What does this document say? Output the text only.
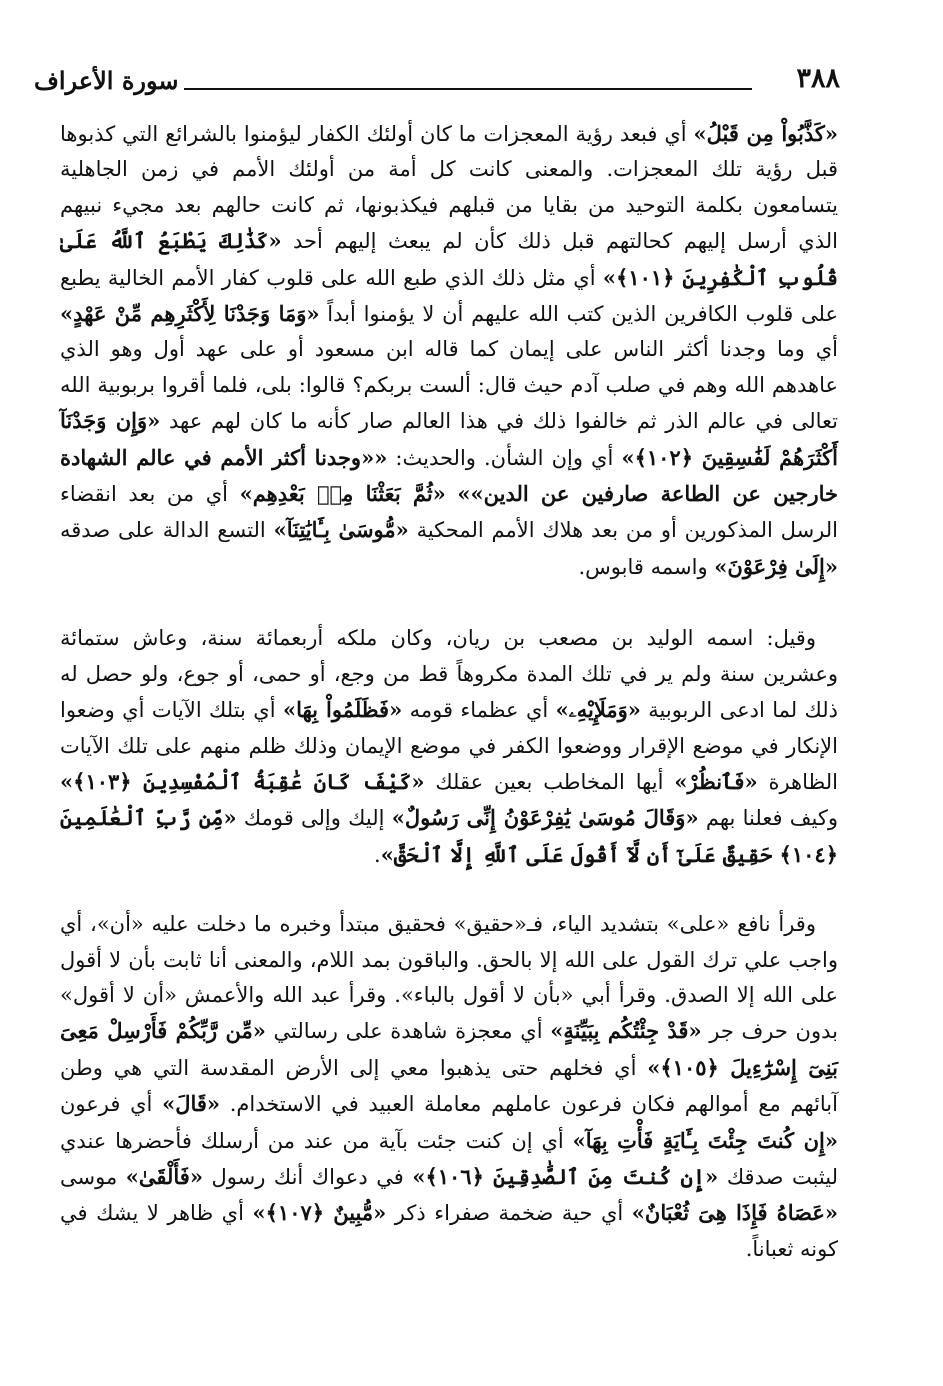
٣٨٨
سورة الأعراف

«كَذَّبُواْ مِن قَبْلُ» أي فبعد رؤية المعجزات ما كان أولئك الكفار ليؤمنوا بالشرائع التي كذبوها قبل رؤية تلك المعجزات. والمعنى كانت كل أمة من أولئك الأمم في زمن الجاهلية يتسامعون بكلمة التوحيد من بقايا من قبلهم فيكذبونها، ثم كانت حالهم بعد مجيء نبيهم الذي أرسل إليهم كحالتهم قبل ذلك كأن لم يبعث إليهم أحد «كَذَٰلِكَ يَطْبَعُ ٱللَّهُ عَلَىٰ قُلُوبِ ٱلْكَٰفِرِينَ ﴿١٠١﴾» أي مثل ذلك الذي طبع الله على قلوب كفار الأمم الخالية يطبع على قلوب الكافرين الذين كتب الله عليهم أن لا يؤمنوا أبداً «وَمَا وَجَدْنَا لِأَكْثَرِهِم مِّنْ عَهْدٍ» أي وما وجدنا أكثر الناس على إيمان كما قاله ابن مسعود أو على عهد أول وهو الذي عاهدهم الله وهم في صلب آدم حيث قال: ألست بربكم؟ قالوا: بلى، فلما أقروا بربوبية الله تعالى في عالم الذر ثم خالفوا ذلك في هذا العالم صار كأنه ما كان لهم عهد «وَإِن وَجَدْنَآ أَكْثَرَهُمْ لَفَٰسِقِينَ ﴿١٠٢﴾» أي وإن الشأن. والحديث: ««وجدنا أكثر الأمم في عالم الشهادة خارجين عن الطاعة صارفين عن الدين»» «ثُمَّ بَعَثْنَا مِنۢ بَعْدِهِم» أي من بعد انقضاء الرسل المذكورين أو من بعد هلاك الأمم المحكية «مُّوسَىٰ بِـَٔايَٰتِنَآ» التسع الدالة على صدقه «إِلَىٰ فِرْعَوْنَ» واسمه قابوس.

وقيل: اسمه الوليد بن مصعب بن ريان، وكان ملكه أربعمائة سنة، وعاش ستمائة وعشرين سنة ولم ير في تلك المدة مكروهاً قط من وجع، أو حمى، أو جوع، ولو حصل له ذلك لما ادعى الربوبية «وَمَلَإِيْهِۦ» أي عظماء قومه «فَظَلَمُواْ بِهَا» أي بتلك الآيات أي وضعوا الإنكار في موضع الإقرار ووضعوا الكفر في موضع الإيمان وذلك ظلم منهم على تلك الآيات الظاهرة «فَٱنظُرْ» أيها المخاطب بعين عقلك «كَيْفَ كَانَ عَٰقِبَةُ ٱلْمُفْسِدِينَ ﴿١٠٣﴾» وكيف فعلنا بهم «وَقَالَ مُوسَىٰ يَٰفِرْعَوْنُ إِنِّى رَسُولٌ» إليك وإلى قومك «مِّن رَّبِّ ٱلْعَٰلَمِينَ ﴿١٠٤﴾ حَقِيقٌ عَلَىٰٓ أَن لَّآ أَقُولَ عَلَى ٱللَّهِ إِلَّا ٱلْحَقَّ».

وقرأ نافع «على» بتشديد الياء، فـ«حقيق» فحقيق مبتدأ وخبره ما دخلت عليه «أن»، أي واجب علي ترك القول على الله إلا بالحق. والباقون بمد اللام، والمعنى أنا ثابت بأن لا أقول على الله إلا الصدق. وقرأ أبي «بأن لا أقول بالباء». وقرأ عبد الله والأعمش «أن لا أقول» بدون حرف جر «قَدْ جِئْتُكُم بِبَيِّنَةٍ» أي معجزة شاهدة على رسالتي «مِّن رَّبِّكُمْ فَأَرْسِلْ مَعِىَ بَنِىٓ إِسْرَٰٓءِيلَ ﴿١٠٥﴾» أي فخلهم حتى يذهبوا معي إلى الأرض المقدسة التي هي وطن آبائهم مع أموالهم فكان فرعون عاملهم معاملة العبيد في الاستخدام. «قَالَ» أي فرعون «إِن كُنتَ جِئْتَ بِـَٔايَةٍ فَأْتِ بِهَآ» أي إن كنت جئت بآية من عند من أرسلك فأحضرها عندي ليثبت صدقك «إِن كُنتَ مِنَ ٱلصَّٰدِقِينَ ﴿١٠٦﴾» في دعواك أنك رسول «فَأَلْقَىٰ» موسى «عَصَاهُ فَإِذَا هِىَ ثُعْبَانٌ» أي حية ضخمة صفراء ذكر «مُّبِينٌ ﴿١٠٧﴾» أي ظاهر لا يشك في كونه ثعباناً.
